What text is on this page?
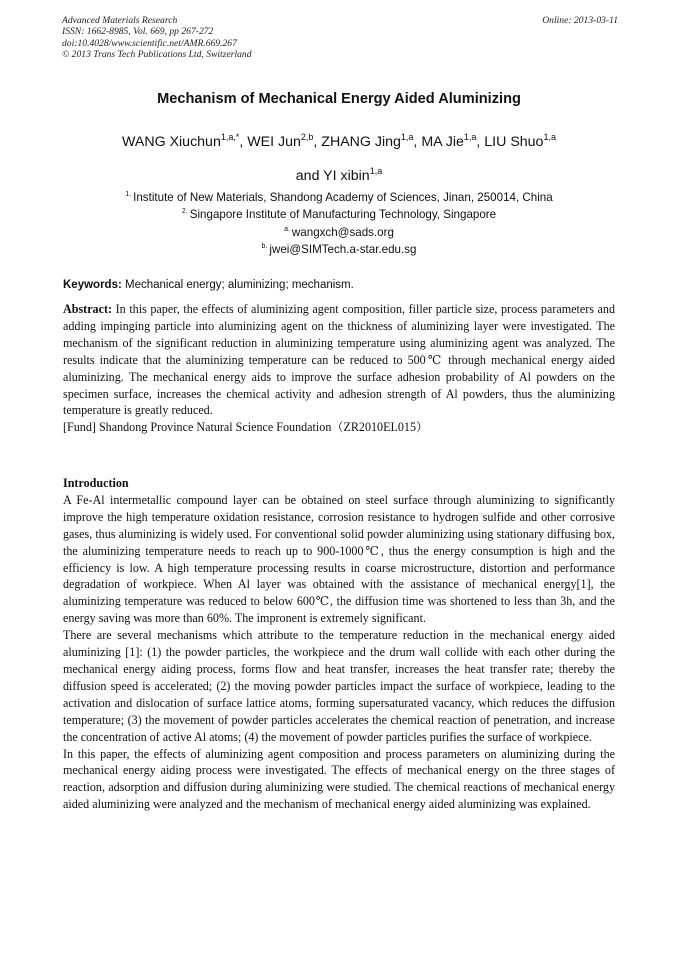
Advanced Materials Research
ISSN: 1662-8985, Vol. 669, pp 267-272
doi:10.4028/www.scientific.net/AMR.669.267
© 2013 Trans Tech Publications Ltd, Switzerland
Online: 2013-03-11
Mechanism of Mechanical Energy Aided Aluminizing
WANG Xiuchun$^{1,a,*}$, WEI Jun$^{2,b}$, ZHANG Jing$^{1,a}$, MA Jie$^{1,a}$, LIU Shuo$^{1,a}$
and YI xibin$^{1,a}$
$^{1.}$ Institute of New Materials, Shandong Academy of Sciences, Jinan, 250014, China
$^{2.}$ Singapore Institute of Manufacturing Technology, Singapore
$^{a.}$ wangxch@sads.org
$^{b.}$ jwei@SIMTech.a-star.edu.sg
Keywords: Mechanical energy; aluminizing; mechanism.

Abstract: In this paper, the effects of aluminizing agent composition, filler particle size, process parameters and adding impinging particle into aluminizing agent on the thickness of aluminizing layer were investigated. The mechanism of the significant reduction in aluminizing temperature using aluminizing agent was analyzed. The results indicate that the aluminizing temperature can be reduced to 500℃ through mechanical energy aided aluminizing. The mechanical energy aids to improve the surface adhesion probability of Al powders on the specimen surface, increases the chemical activity and adhesion strength of Al powders, thus the aluminizing temperature is greatly reduced.

[Fund] Shandong Province Natural Science Foundation（ZR2010EL015）

Introduction

A Fe-Al intermetallic compound layer can be obtained on steel surface through aluminizing to significantly improve the high temperature oxidation resistance, corrosion resistance to hydrogen sulfide and other corrosive gases, thus aluminizing is widely used. For conventional solid powder aluminizing using stationary diffusing box, the aluminizing temperature needs to reach up to 900-1000℃, thus the energy consumption is high and the efficiency is low. A high temperature processing results in coarse microstructure, distortion and performance degradation of workpiece. When Al layer was obtained with the assistance of mechanical energy[1], the aluminizing temperature was reduced to below 600℃, the diffusion time was shortened to less than 3h, and the energy saving was more than 60%. The impronent is extremely significant.

There are several mechanisms which attribute to the temperature reduction in the mechanical energy aided aluminizing [1]: (1) the powder particles, the workpiece and the drum wall collide with each other during the mechanical energy aiding process, forms flow and heat transfer, increases the heat transfer rate; thereby the diffusion speed is accelerated; (2) the moving powder particles impact the surface of workpiece, leading to the activation and dislocation of surface lattice atoms, forming supersaturated vacancy, which reduces the diffusion temperature; (3) the movement of powder particles accelerates the chemical reaction of penetration, and increase the concentration of active Al atoms; (4) the movement of powder particles purifies the surface of workpiece.

In this paper, the effects of aluminizing agent composition and process parameters on aluminizing during the mechanical energy aiding process were investigated. The effects of mechanical energy on the three stages of reaction, adsorption and diffusion during aluminizing were studied. The chemical reactions of mechanical energy aided aluminizing were analyzed and the mechanism of mechanical energy aided aluminizing was explained.
